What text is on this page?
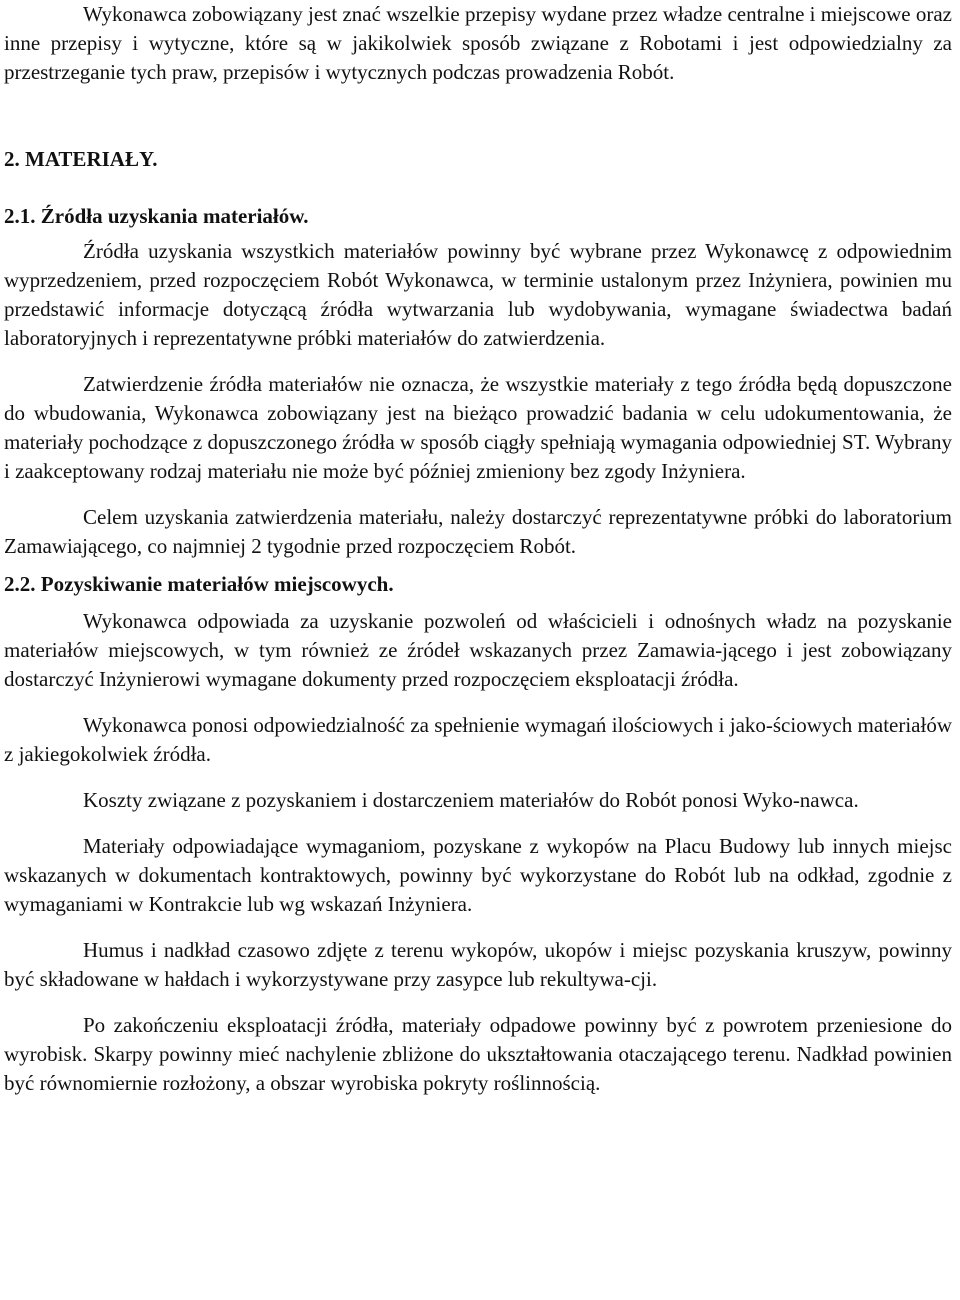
Wykonawca zobowiązany jest znać wszelkie przepisy wydane przez władze centralne i miejscowe oraz inne przepisy i wytyczne, które są w jakikolwiek sposób związane z Robotami i jest odpowiedzialny za przestrzeganie tych praw, przepisów i wytycznych podczas prowadzenia Robót.

2. MATERIAŁY.
2.1. Źródła uzyskania materiałów.

Źródła uzyskania wszystkich materiałów powinny być wybrane przez Wykonawcę z odpowiednim wyprzedzeniem, przed rozpoczęciem Robót Wykonawca, w terminie ustalonym przez Inżyniera, powinien mu przedstawić informacje dotyczącą źródła wytwarzania lub wydobywania, wymagane świadectwa badań laboratoryjnych i reprezentatywne próbki materiałów do zatwierdzenia.

Zatwierdzenie źródła materiałów nie oznacza, że wszystkie materiały z tego źródła będą dopuszczone do wbudowania, Wykonawca zobowiązany jest na bieżąco prowadzić badania w celu udokumentowania, że materiały pochodzące z dopuszczonego źródła w sposób ciągły spełniają wymagania odpowiedniej ST. Wybrany i zaakceptowany rodzaj materiału nie może być później zmieniony bez zgody Inżyniera.

Celem uzyskania zatwierdzenia materiału, należy dostarczyć reprezentatywne próbki do laboratorium Zamawiającego, co najmniej 2 tygodnie przed rozpoczęciem Robót.

2.2. Pozyskiwanie materiałów miejscowych.

Wykonawca odpowiada za uzyskanie pozwoleń od właścicieli i odnośnych władz na pozyskanie materiałów miejscowych, w tym również ze źródeł wskazanych przez Zamawia-jącego i jest zobowiązany dostarczyć Inżynierowi wymagane dokumenty przed rozpoczęciem eksploatacji źródła.

Wykonawca ponosi odpowiedzialność za spełnienie wymagań ilościowych i jako-ściowych materiałów z jakiegokolwiek źródła.

Koszty związane z pozyskaniem i dostarczeniem materiałów do Robót ponosi Wyko-nawca.

Materiały odpowiadające wymaganiom, pozyskane z wykopów na Placu Budowy lub innych miejsc wskazanych w dokumentach kontraktowych, powinny być wykorzystane do Robót lub na odkład, zgodnie z wymaganiami w Kontrakcie lub wg wskazań Inżyniera.

Humus i nadkład czasowo zdjęte z terenu wykopów, ukopów i miejsc pozyskania kruszyw, powinny być składowane w hałdach i wykorzystywane przy zasypce lub rekultywa-cji.

Po zakończeniu eksploatacji źródła, materiały odpadowe powinny być z powrotem przeniesione do wyrobisk. Skarpy powinny mieć nachylenie zbliżone do ukształtowania otaczającego terenu. Nadkład powinien być równomiernie rozłożony, a obszar wyrobiska pokryty roślinnością.
